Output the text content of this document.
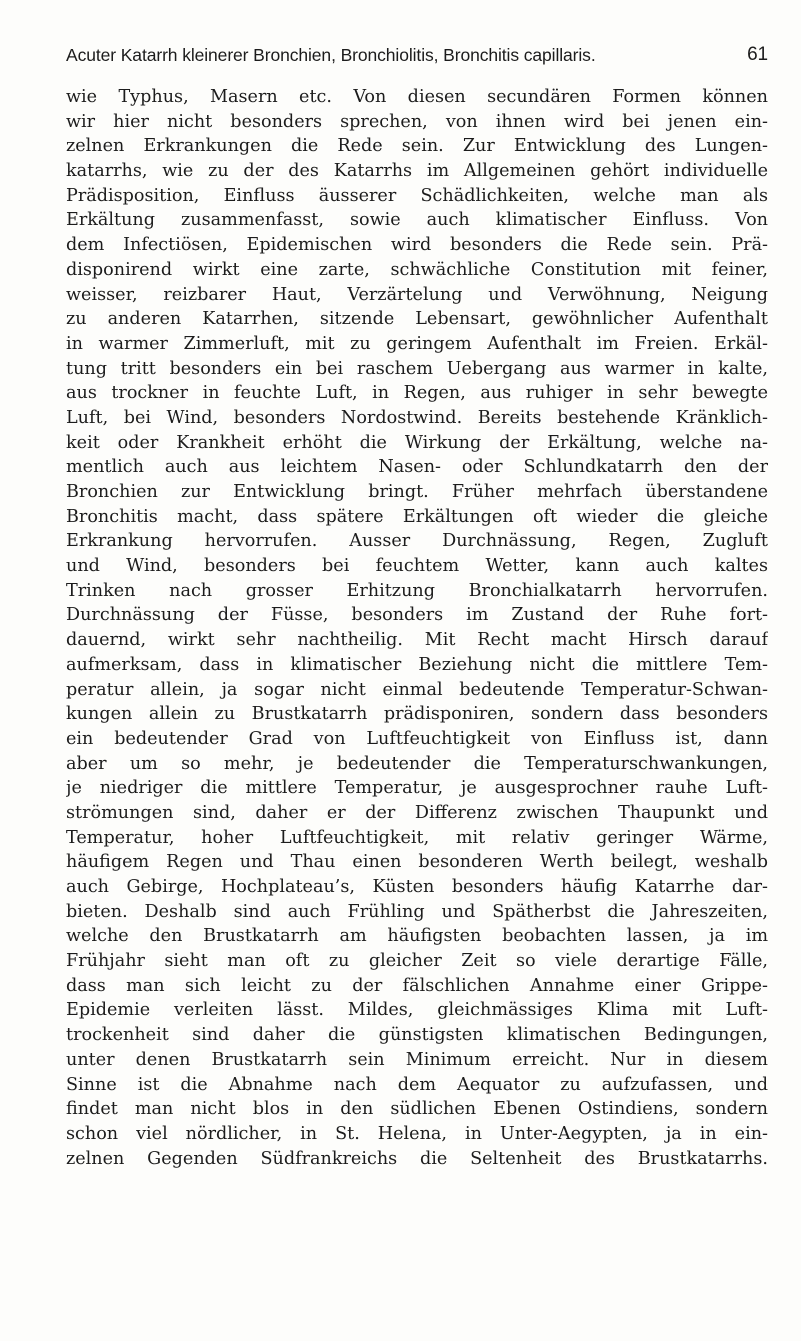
Acuter Katarrh kleinerer Bronchien, Bronchiolitis, Bronchitis capillaris.	61
wie Typhus, Masern etc. Von diesen secundären Formen können
wir hier nicht besonders sprechen, von ihnen wird bei jenen ein-
zelnen Erkrankungen die Rede sein. Zur Entwicklung des Lungen-
katarrhs, wie zu der des Katarrhs im Allgemeinen gehört individuelle
Prädisposition, Einfluss äusserer Schädlichkeiten, welche man als
Erkältung zusammenfasst, sowie auch klimatischer Einfluss. Von
dem Infectiösen, Epidemischen wird besonders die Rede sein. Prä-
disponirend wirkt eine zarte, schwächliche Constitution mit feiner,
weisser, reizbarer Haut, Verzärtelung und Verwöhnung, Neigung
zu anderen Katarrhen, sitzende Lebensart, gewöhnlicher Aufenthalt
in warmer Zimmerluft, mit zu geringem Aufenthalt im Freien. Erkäl-
tung tritt besonders ein bei raschem Uebergang aus warmer in kalte,
aus trockner in feuchte Luft, in Regen, aus ruhiger in sehr bewegte
Luft, bei Wind, besonders Nordostwind. Bereits bestehende Kränklich-
keit oder Krankheit erhöht die Wirkung der Erkältung, welche na-
mentlich auch aus leichtem Nasen- oder Schlundkatarrh den der
Bronchien zur Entwicklung bringt. Früher mehrfach überstandene
Bronchitis macht, dass spätere Erkältungen oft wieder die gleiche
Erkrankung hervorrufen. Ausser Durchnässung, Regen, Zugluft
und Wind, besonders bei feuchtem Wetter, kann auch kaltes
Trinken nach grosser Erhitzung Bronchialkatarrh hervorrufen.
Durchnässung der Füsse, besonders im Zustand der Ruhe fort-
dauernd, wirkt sehr nachtheilig. Mit Recht macht Hirsch darauf
aufmerksam, dass in klimatischer Beziehung nicht die mittlere Tem-
peratur allein, ja sogar nicht einmal bedeutende Temperatur-Schwan-
kungen allein zu Brustkatarrh prädisponiren, sondern dass besonders
ein bedeutender Grad von Luftfeuchtigkeit von Einfluss ist, dann
aber um so mehr, je bedeutender die Temperaturschwankungen,
je niedriger die mittlere Temperatur, je ausgesprochner rauhe Luft-
strömungen sind, daher er der Differenz zwischen Thaupunkt und
Temperatur, hoher Luftfeuchtigkeit, mit relativ geringer Wärme,
häufigem Regen und Thau einen besonderen Werth beilegt, weshalb
auch Gebirge, Hochplateau’s, Küsten besonders häufig Katarrhe dar-
bieten. Deshalb sind auch Frühling und Spätherbst die Jahreszeiten,
welche den Brustkatarrh am häufigsten beobachten lassen, ja im
Frühjahr sieht man oft zu gleicher Zeit so viele derartige Fälle,
dass man sich leicht zu der fälschlichen Annahme einer Grippe-
Epidemie verleiten lässt. Mildes, gleichmässiges Klima mit Luft-
trockenheit sind daher die günstigsten klimatischen Bedingungen,
unter denen Brustkatarrh sein Minimum erreicht. Nur in diesem
Sinne ist die Abnahme nach dem Aequator zu aufzufassen, und
findet man nicht blos in den südlichen Ebenen Ostindiens, sondern
schon viel nördlicher, in St. Helena, in Unter-Aegypten, ja in ein-
zelnen Gegenden Südfrankreichs die Seltenheit des Brustkatarrhs.
